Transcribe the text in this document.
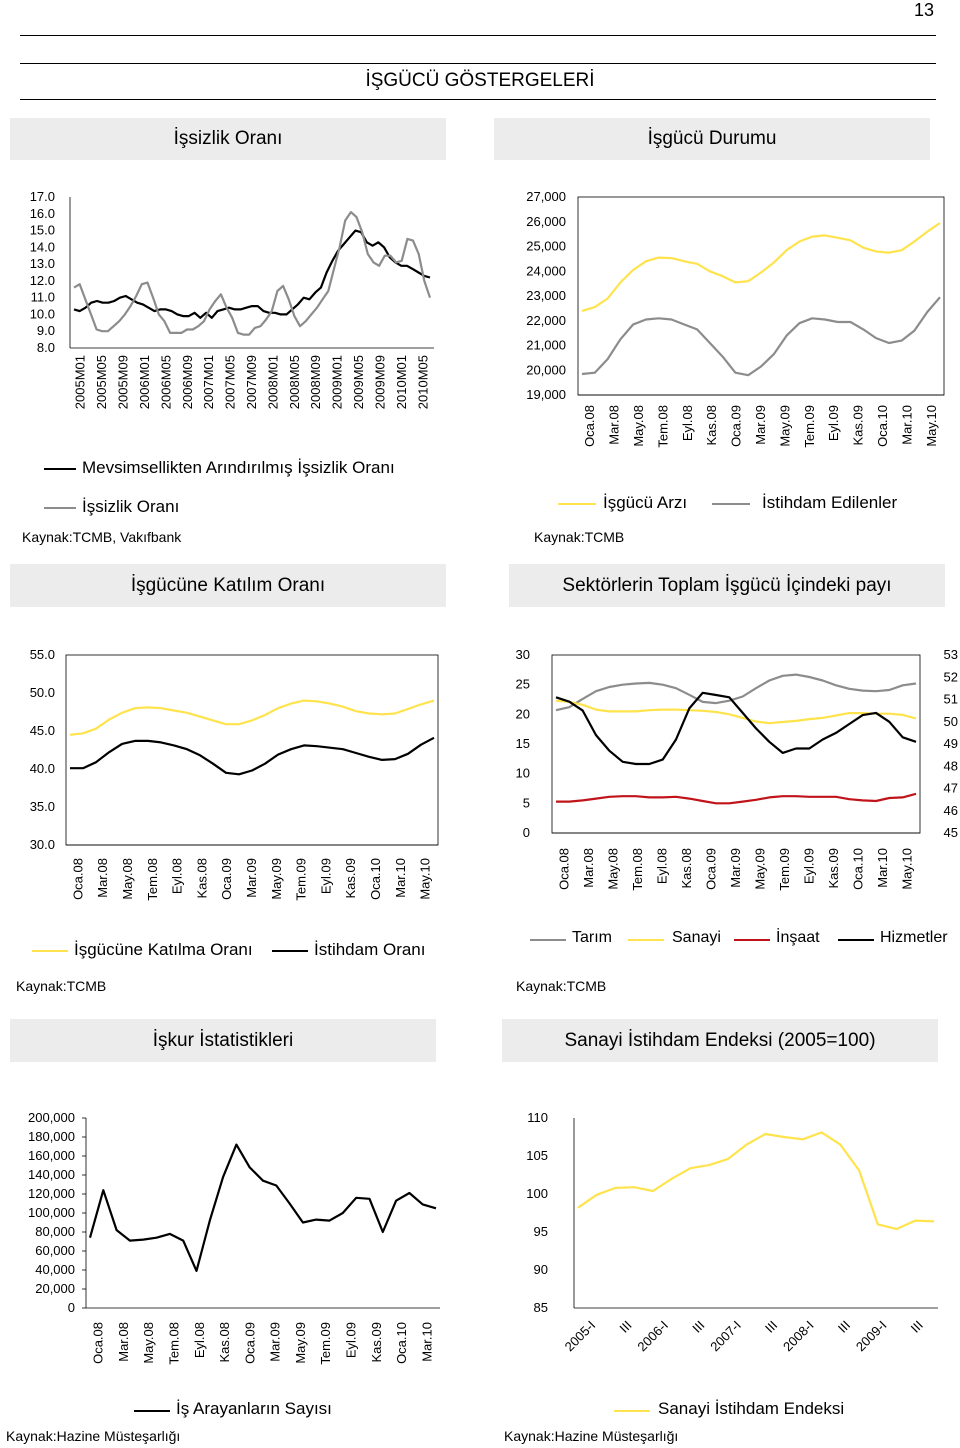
13
İŞGÜCÜ GÖSTERGELERİ
İşsizlik Oranı	İşgücü Durumu
İşgücüne Katılım Oranı	Sektörlerin Toplam İşgücü İçindeki payı
İşkur İstatistikleri	Sanayi İstihdam Endeksi (2005=100)
17.0
16.0
15.0
14.0
13.0
12.0
11.0
10.0
9.0
8.0
2005M01 2005M05 2005M09 2006M01 2006M05 2006M09 2007M01 2007M05 2007M09 2008M01 2008M05 2008M09 2009M01 2009M05 2009M09 2010M01 2010M05
27,000
26,000
25,000
24,000
23,000
22,000
21,000
20,000
19,000
Oca.08 Mar.08 May.08 Tem.08 Eyl.08 Kas.08 Oca.09 Mar.09 May.09 Tem.09 Eyl.09 Kas.09 Oca.10 Mar.10 May.10
55.0
50.0
45.0
40.0
35.0
30.0
Oca.08 Mar.08 May.08 Tem.08 Eyl.08 Kas.08 Oca.09 Mar.09 May.09 Tem.09 Eyl.09 Kas.09 Oca.10 Mar.10 May.10
30
25
20
15
10
5
0
53
52
51
50
49
48
47
46
45
Oca.08 Mar.08 May.08 Tem.08 Eyl.08 Kas.08 Oca.09 Mar.09 May.09 Tem.09 Eyl.09 Kas.09 Oca.10 Mar.10 May.10
200,000
180,000
160,000
140,000
120,000
100,000
80,000
60,000
40,000
20,000
0
Oca.08 Mar.08 May.08 Tem.08 Eyl.08 Kas.08 Oca.09 Mar.09 May.09 Tem.09 Eyl.09 Kas.09 Oca.10 Mar.10
110
105
100
95
90
85
2005-I III 2006-I III 2007-I III 2008-I III 2009-I III
Mevsimsellikten Arındırılmış İşsizlik Oranı
İşsizlik Oranı
Kaynak:TCMB, Vakıfbank
İşgücü Arzı	İstihdam Edilenler
Kaynak:TCMB
İşgücüne Katılma Oranı	İstihdam Oranı
Kaynak:TCMB
Tarım	Sanayi	İnşaat	Hizmetler
Kaynak:TCMB
İş Arayanların Sayısı
Kaynak:Hazine Müsteşarlığı
Sanayi İstihdam Endeksi
Kaynak:Hazine Müsteşarlığı
